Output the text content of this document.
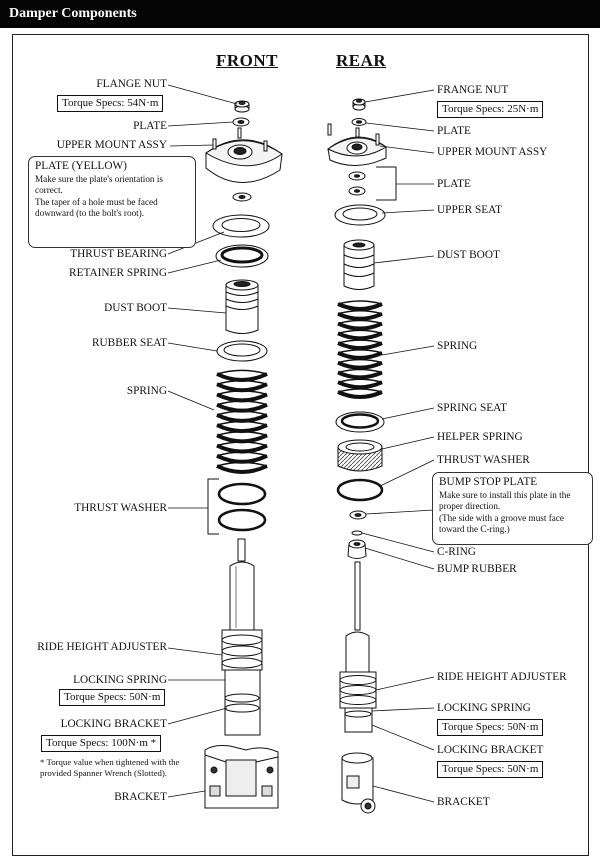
Damper Components
FRONT	REAR
FLANGE NUT
Torque Specs: 54N·m
PLATE
UPPER MOUNT ASSY
PLATE (YELLOW)

Make sure the plate's orientation is correct.

The taper of a hole must be faced downward (to the bolt's root).

THRUST BEARING
RETAINER SPRING
DUST BOOT
RUBBER SEAT
SPRING
THRUST WASHER
RIDE HEIGHT ADJUSTER
LOCKING SPRING
Torque Specs: 50N·m
LOCKING BRACKET
Torque Specs: 100N·m *
* Torque value when tightened with the provided Spanner Wrench (Slotted).
BRACKET
FRANGE NUT
Torque Specs: 25N·m
PLATE
UPPER MOUNT ASSY
PLATE
UPPER SEAT
DUST BOOT
SPRING
SPRING SEAT
HELPER SPRING
THRUST WASHER
BUMP STOP PLATE

Make sure to install this plate in the proper direction.

(The side with a groove must face toward the C-ring.)

C-RING
BUMP RUBBER
RIDE HEIGHT ADJUSTER
LOCKING SPRING
Torque Specs: 50N·m
LOCKING BRACKET
Torque Specs: 50N·m
BRACKET
